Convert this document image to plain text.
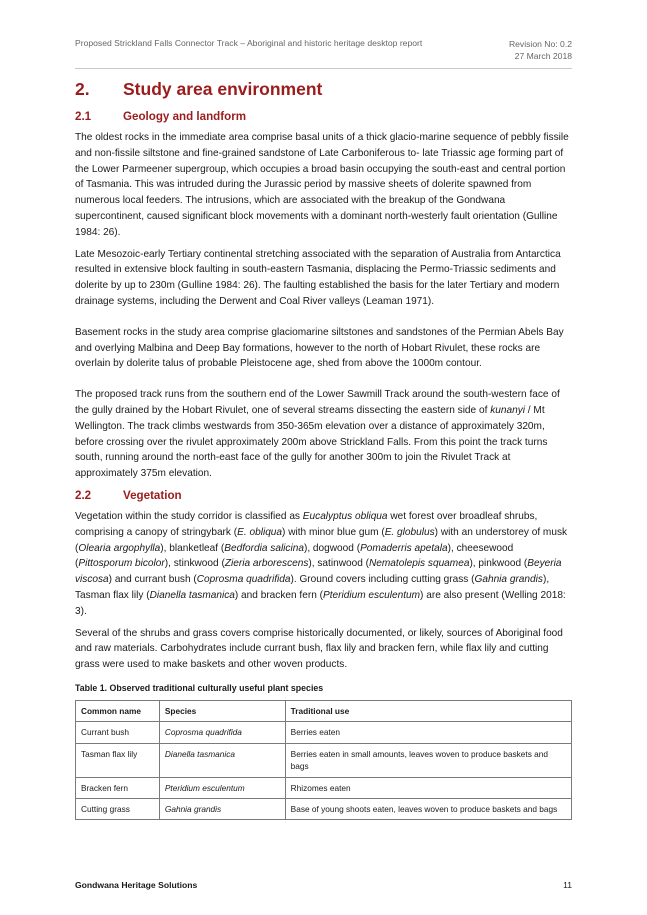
Proposed Strickland Falls Connector Track – Aboriginal and historic heritage desktop report	Revision No: 0.2
27 March 2018
2. Study area environment
2.1	Geology and landform

The oldest rocks in the immediate area comprise basal units of a thick glacio-marine sequence of pebbly fissile and non-fissile siltstone and fine-grained sandstone of Late Carboniferous to- late Triassic age forming part of the Lower Parmeener supergroup, which occupies a broad basin occupying the south-east and central portion of Tasmania. This was intruded during the Jurassic period by massive sheets of dolerite spawned from numerous local feeders. The intrusions, which are associated with the breakup of the Gondwana supercontinent, caused significant block movements with a dominant north-westerly fault orientation (Gulline 1984: 26).

Late Mesozoic-early Tertiary continental stretching associated with the separation of Australia from Antarctica resulted in extensive block faulting in south-eastern Tasmania, displacing the Permo-Triassic sediments and dolerite by up to 230m (Gulline 1984: 26). The faulting established the basis for the later Tertiary and modern drainage systems, including the Derwent and Coal River valleys (Leaman 1971).

Basement rocks in the study area comprise glaciomarine siltstones and sandstones of the Permian Abels Bay and overlying Malbina and Deep Bay formations, however to the north of Hobart Rivulet, these rocks are overlain by dolerite talus of probable Pleistocene age, shed from above the 1000m contour.

The proposed track runs from the southern end of the Lower Sawmill Track around the south-western face of the gully drained by the Hobart Rivulet, one of several streams dissecting the eastern side of kunanyi / Mt Wellington. The track climbs westwards from 350-365m elevation over a distance of approximately 320m, before crossing over the rivulet approximately 200m above Strickland Falls. From this point the track turns south, running around the north-east face of the gully for another 300m to join the Rivulet Track at approximately 375m elevation.

2.2	Vegetation

Vegetation within the study corridor is classified as Eucalyptus obliqua wet forest over broadleaf shrubs, comprising a canopy of stringybark (E. obliqua) with minor blue gum (E. globulus) with an understorey of musk (Olearia argophylla), blanketleaf (Bedfordia salicina), dogwood (Pomaderris apetala), cheesewood (Pittosporum bicolor), stinkwood (Zieria arborescens), satinwood (Nematolepis squamea), pinkwood (Beyeria viscosa) and currant bush (Coprosma quadrifida). Ground covers including cutting grass (Gahnia grandis), Tasman flax lily (Dianella tasmanica) and bracken fern (Pteridium esculentum) are also present (Welling 2018: 3).

Several of the shrubs and grass covers comprise historically documented, or likely, sources of Aboriginal food and raw materials. Carbohydrates include currant bush, flax lily and bracken fern, while flax lily and cutting grass were used to make baskets and other woven products.

Table 1. Observed traditional culturally useful plant species
Common name	Species	Traditional use
Currant bush	Coprosma quadrifida	Berries eaten
Tasman flax lily	Dianella tasmanica	Berries eaten in small amounts, leaves woven to produce baskets and bags
Bracken fern	Pteridium esculentum	Rhizomes eaten
Cutting grass	Gahnia grandis	Base of young shoots eaten, leaves woven to produce baskets and bags
Gondwana Heritage Solutions	11
